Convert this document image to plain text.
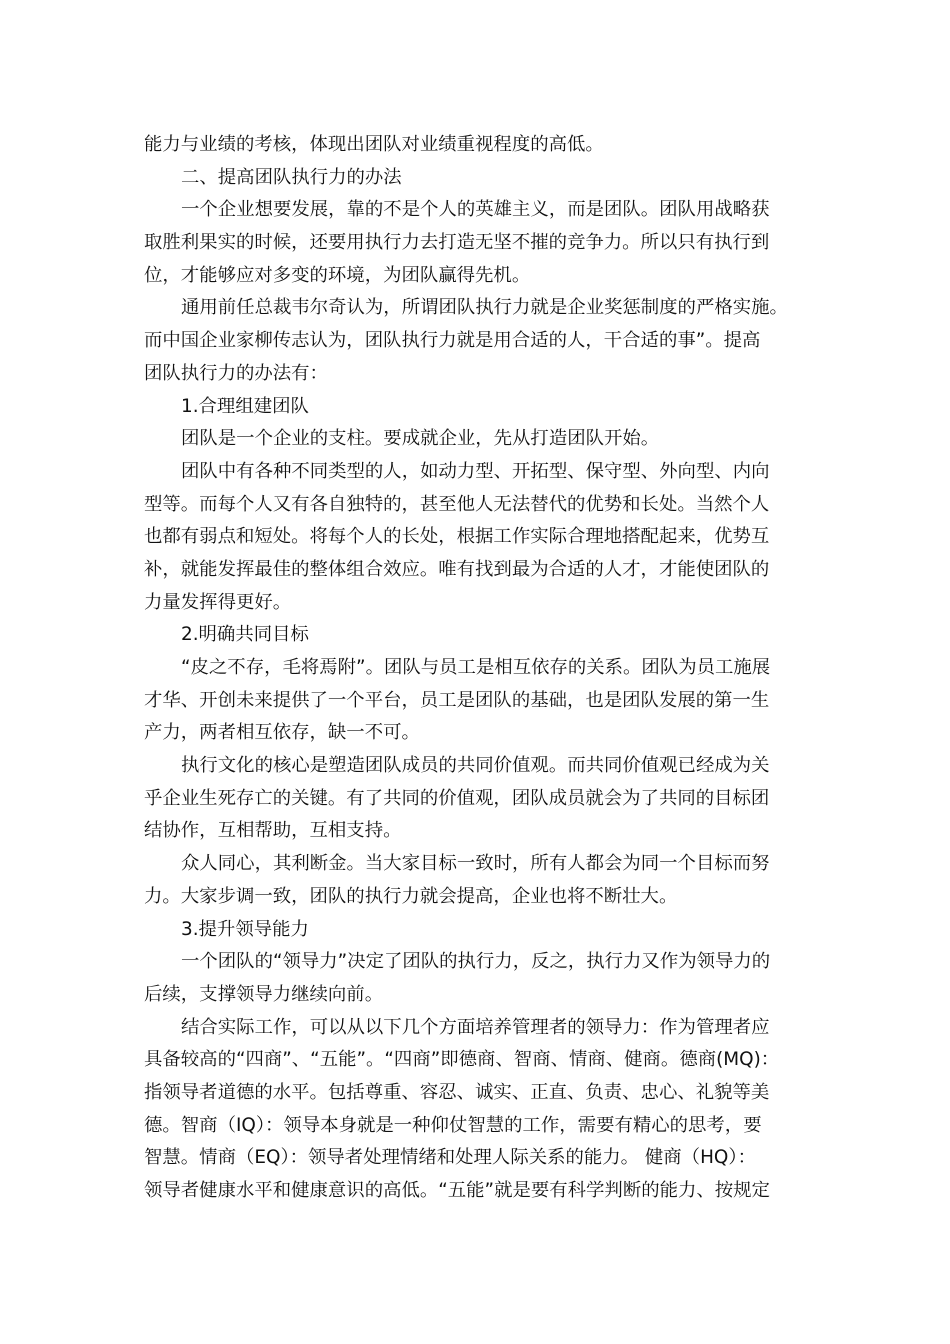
能力与业绩的考核，体现出团队对业绩重视程度的高低。
二、提高团队执行力的办法
一个企业想要发展，靠的不是个人的英雄主义，而是团队。团队用战略获
取胜利果实的时候，还要用执行力去打造无坚不摧的竞争力。所以只有执行到
位，才能够应对多变的环境，为团队赢得先机。
通用前任总裁韦尔奇认为，所谓团队执行力就是企业奖惩制度的严格实施。
而中国企业家柳传志认为，团队执行力就是用合适的人，干合适的事”。提高
团队执行力的办法有：
1.合理组建团队
团队是一个企业的支柱。要成就企业，先从打造团队开始。
团队中有各种不同类型的人，如动力型、开拓型、保守型、外向型、内向
型等。而每个人又有各自独特的，甚至他人无法替代的优势和长处。当然个人
也都有弱点和短处。将每个人的长处，根据工作实际合理地搭配起来，优势互
补，就能发挥最佳的整体组合效应。唯有找到最为合适的人才，才能使团队的
力量发挥得更好。
2.明确共同目标
“皮之不存，毛将焉附”。团队与员工是相互依存的关系。团队为员工施展
才华、开创未来提供了一个平台，员工是团队的基础，也是团队发展的第一生
产力，两者相互依存，缺一不可。
执行文化的核心是塑造团队成员的共同价值观。而共同价值观已经成为关
乎企业生死存亡的关键。有了共同的价值观，团队成员就会为了共同的目标团
结协作，互相帮助，互相支持。
众人同心，其利断金。当大家目标一致时，所有人都会为同一个目标而努
力。大家步调一致，团队的执行力就会提高，企业也将不断壮大。
3.提升领导能力
一个团队的“领导力”决定了团队的执行力，反之，执行力又作为领导力的
后续，支撑领导力继续向前。
结合实际工作，可以从以下几个方面培养管理者的领导力：作为管理者应
具备较高的“四商”、“五能”。“四商”即德商、智商、情商、健商。德商(MQ)：
指领导者道德的水平。包括尊重、容忍、诚实、正直、负责、忠心、礼貌等美
德。智商（IQ）：领导本身就是一种仰仗智慧的工作，需要有精心的思考，要
智慧。情商（EQ）：领导者处理情绪和处理人际关系的能力。 健商（HQ）：
领导者健康水平和健康意识的高低。“五能”就是要有科学判断的能力、按规定
